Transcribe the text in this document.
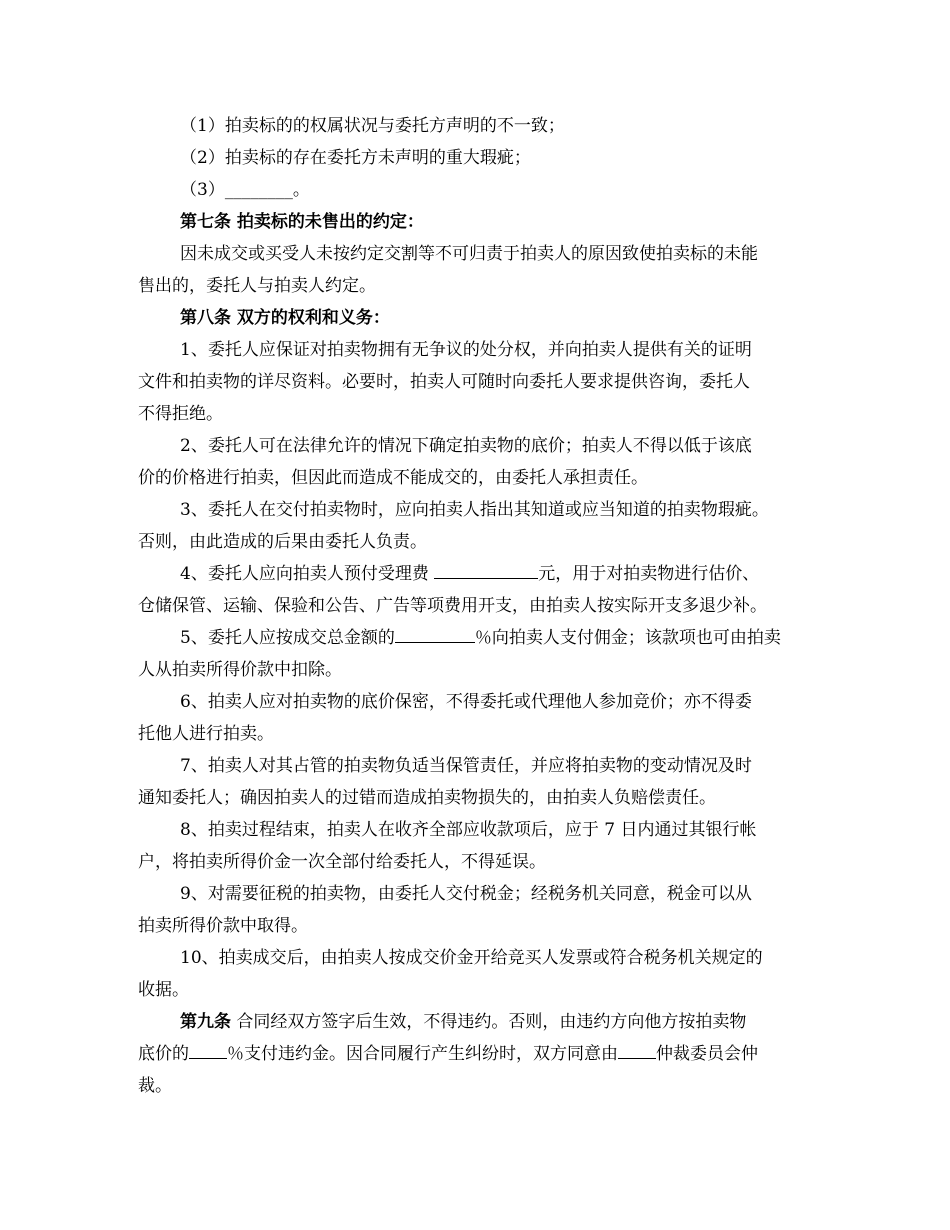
（1）拍卖标的的权属状况与委托方声明的不一致；
（2）拍卖标的存在委托方未声明的重大瑕疵；
（3）________。
第七条 拍卖标的未售出的约定：
因未成交或买受人未按约定交割等不可归责于拍卖人的原因致使拍卖标的未能
售出的，委托人与拍卖人约定。
第八条 双方的权利和义务：
1、委托人应保证对拍卖物拥有无争议的处分权，并向拍卖人提供有关的证明
文件和拍卖物的详尽资料。必要时，拍卖人可随时向委托人要求提供咨询，委托人
不得拒绝。
2、委托人可在法律允许的情况下确定拍卖物的底价；拍卖人不得以低于该底
价的价格进行拍卖，但因此而造成不能成交的，由委托人承担责任。
3、委托人在交付拍卖物时，应向拍卖人指出其知道或应当知道的拍卖物瑕疵。
否则，由此造成的后果由委托人负责。
4、委托人应向拍卖人预付受理费	元，用于对拍卖物进行估价、
仓储保管、运输、保验和公告、广告等项费用开支，由拍卖人按实际开支多退少补。
5、委托人应按成交总金额的	％向拍卖人支付佣金；该款项也可由拍卖
人从拍卖所得价款中扣除。
6、拍卖人应对拍卖物的底价保密，不得委托或代理他人参加竞价；亦不得委
托他人进行拍卖。
7、拍卖人对其占管的拍卖物负适当保管责任，并应将拍卖物的变动情况及时
通知委托人；确因拍卖人的过错而造成拍卖物损失的，由拍卖人负赔偿责任。
8、拍卖过程结束，拍卖人在收齐全部应收款项后，应于 7 日内通过其银行帐
户，将拍卖所得价金一次全部付给委托人，不得延误。
9、对需要征税的拍卖物，由委托人交付税金；经税务机关同意，税金可以从
拍卖所得价款中取得。
10、拍卖成交后，由拍卖人按成交价金开给竞买人发票或符合税务机关规定的
收据。
第九条 合同经双方签字后生效，不得违约。否则，由违约方向他方按拍卖物
底价的 ％支付违约金。因合同履行产生纠纷时，双方同意由 仲裁委员会仲
裁。
